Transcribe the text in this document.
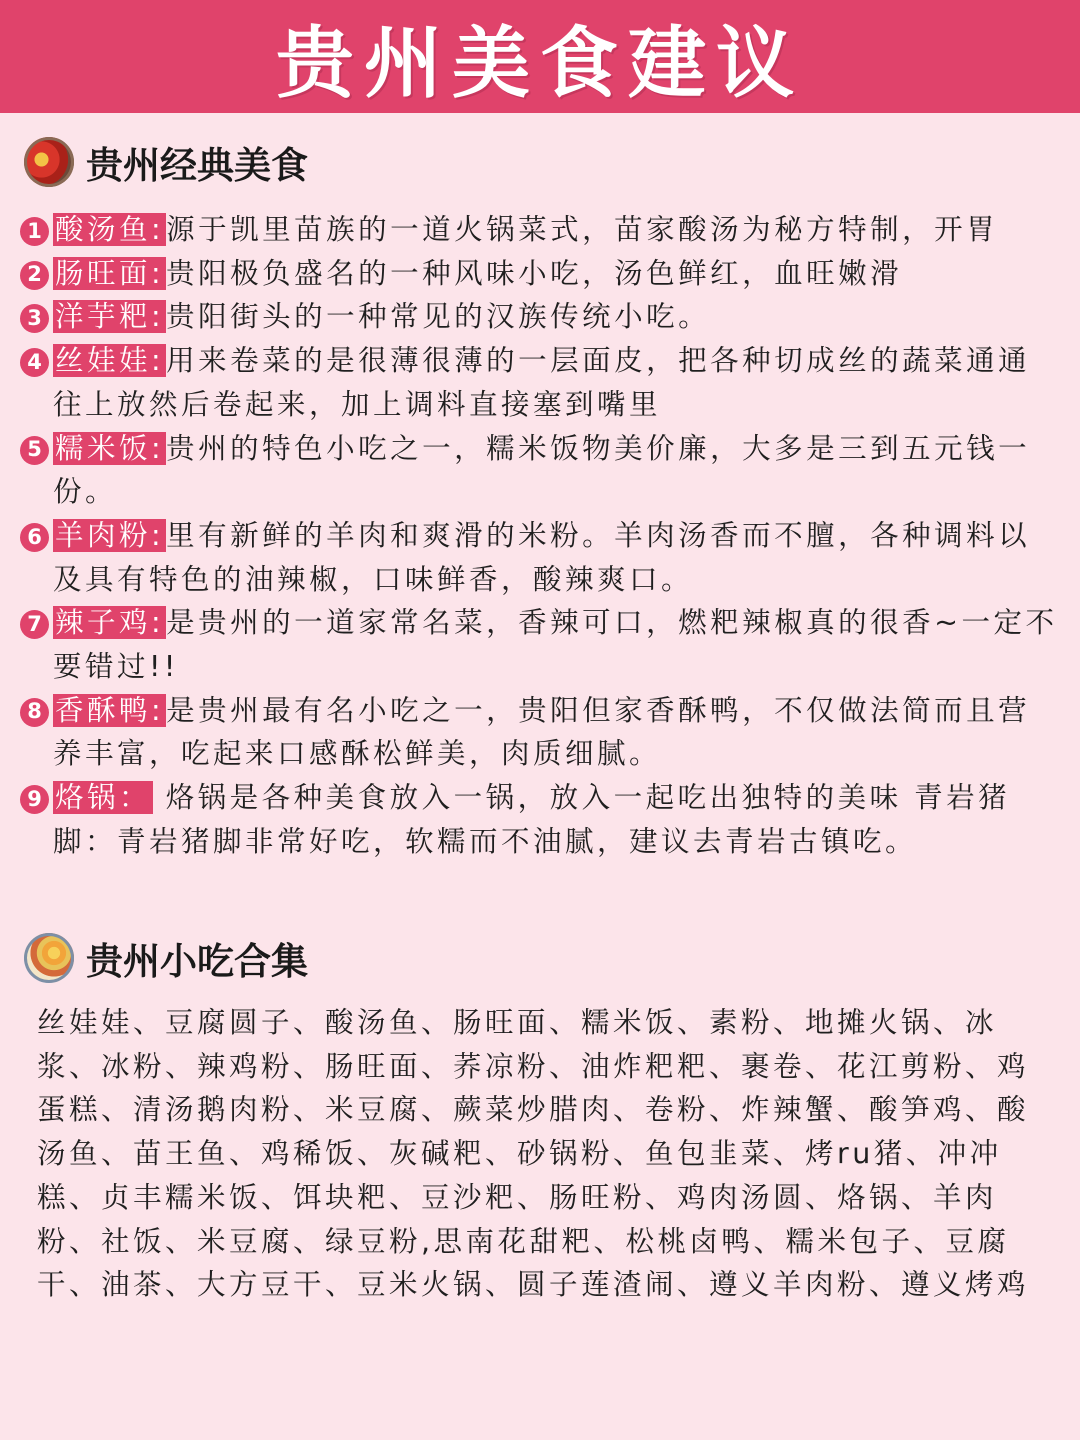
贵州美食建议
贵州经典美食
1 酸汤鱼:源于凯里苗族的一道火锅菜式，苗家酸汤为秘方特制，开胃
2 肠旺面:贵阳极负盛名的一种风味小吃，汤色鲜红，血旺嫩滑
3 洋芋粑:贵阳街头的一种常见的汉族传统小吃。
4 丝娃娃:用来卷菜的是很薄很薄的一层面皮，把各种切成丝的蔬菜通通往上放然后卷起来，加上调料直接塞到嘴里
5 糯米饭:贵州的特色小吃之一，糯米饭物美价廉，大多是三到五元钱一份。
6 羊肉粉:里有新鲜的羊肉和爽滑的米粉。羊肉汤香而不膻，各种调料以及具有特色的油辣椒，口味鲜香，酸辣爽口。
7 辣子鸡:是贵州的一道家常名菜，香辣可口，燃粑辣椒真的很香~一定不要错过!!
8 香酥鸭:是贵州最有名小吃之一，贵阳但家香酥鸭，不仅做法简而且营养丰富，吃起来口感酥松鲜美，肉质细腻。
9 烙锅： 烙锅是各种美食放入一锅，放入一起吃出独特的美味 青岩猪脚：青岩猪脚非常好吃，软糯而不油腻，建议去青岩古镇吃。
贵州小吃合集

丝娃娃、豆腐圆子、酸汤鱼、肠旺面、糯米饭、素粉、地摊火锅、冰浆、冰粉、辣鸡粉、肠旺面、荞凉粉、油炸粑粑、裹卷、花江剪粉、鸡蛋糕、清汤鹅肉粉、米豆腐、蕨菜炒腊肉、卷粉、炸辣蟹、酸笋鸡、酸汤鱼、苗王鱼、鸡稀饭、灰碱粑、砂锅粉、鱼包韭菜、烤ru猪、冲冲糕、贞丰糯米饭、饵块粑、豆沙粑、肠旺粉、鸡肉汤圆、烙锅、羊肉粉、社饭、米豆腐、绿豆粉,思南花甜粑、松桃卤鸭、糯米包子、豆腐干、油茶、大方豆干、豆米火锅、圆子莲渣闹、遵义羊肉粉、遵义烤鸡
